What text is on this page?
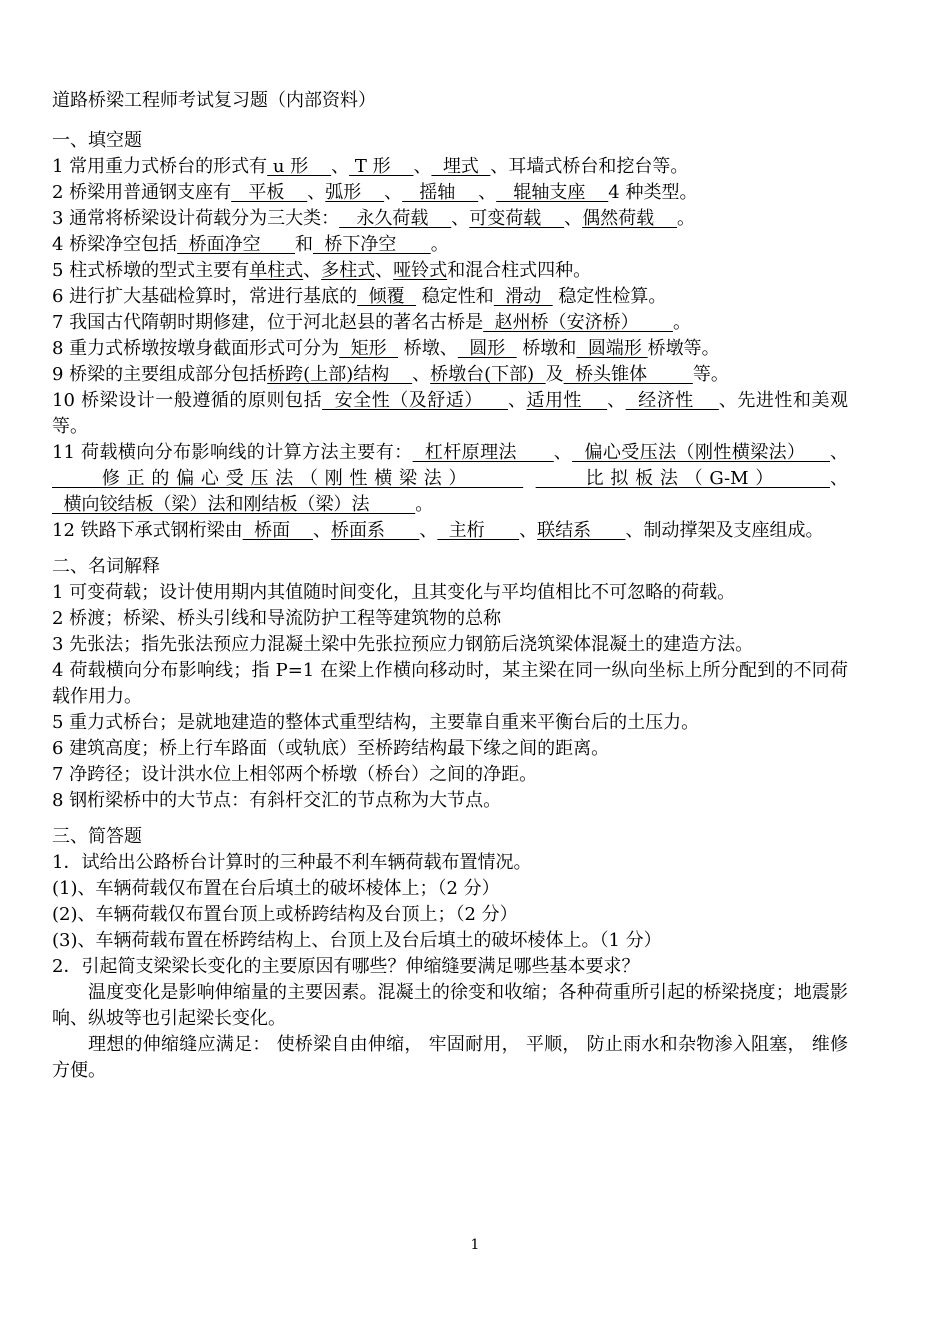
道路桥梁工程师考试复习题（内部资料）

一、填空题

1 常用重力式桥台的形式有 u 形    、 T 形    、  埋式  、耳墙式桥台和挖台等。

2 桥梁用普通钢支座有   平板    、弧形    、   摇轴    、   辊轴支座    4 种类型。

3 通常将桥梁设计荷载分为三大类：   永久荷载    、可变荷载    、偶然荷载    。

4 桥梁净空包括  桥面净空      和  桥下净空      。

5 柱式桥墩的型式主要有单柱式、多柱式、哑铃式和混合柱式四种。

6 进行扩大基础检算时，常进行基底的  倾覆   稳定性和  滑动   稳定性检算。

7 我国古代隋朝时期修建，位于河北赵县的著名古桥是  赵州桥（安济桥）      。

8 重力式桥墩按墩身截面形式可分为  矩形   桥墩、  圆形   桥墩和  圆端形 桥墩等。

9 桥梁的主要组成部分包括桥跨(上部)结构    、桥墩台(下部)  及  桥头锥体        等。

10 桥梁设计一般遵循的原则包括  安全性（及舒适）    、适用性    、  经济性    、先进性和美观等。

11 荷载横向分布影响线的计算方法主要有：  杠杆原理法      、  偏心受压法（刚性横梁法）    、    修正的偏心受压法（刚性横梁法）         比拟板法（G-M）    、  横向铰结板（梁）法和刚结板（梁）法        。

12 铁路下承式钢桁梁由  桥面    、桥面系      、  主桁      、联结系      、制动撑架及支座组成。

二、名词解释

1 可变荷载；设计使用期内其值随时间变化，且其变化与平均值相比不可忽略的荷载。

2 桥渡；桥梁、桥头引线和导流防护工程等建筑物的总称

3 先张法；指先张法预应力混凝土梁中先张拉预应力钢筋后浇筑梁体混凝土的建造方法。

4 荷载横向分布影响线；指 P=1 在梁上作横向移动时，某主梁在同一纵向坐标上所分配到的不同荷载作用力。

5 重力式桥台；是就地建造的整体式重型结构，主要靠自重来平衡台后的土压力。

6 建筑高度；桥上行车路面（或轨底）至桥跨结构最下缘之间的距离。

7 净跨径；设计洪水位上相邻两个桥墩（桥台）之间的净距。

8 钢桁梁桥中的大节点：有斜杆交汇的节点称为大节点。

三、简答题

1．试给出公路桥台计算时的三种最不利车辆荷载布置情况。

(1)、车辆荷载仅布置在台后填土的破坏棱体上；（2 分）

(2)、车辆荷载仅布置台顶上或桥跨结构及台顶上；（2 分）

(3)、车辆荷载布置在桥跨结构上、台顶上及台后填土的破坏棱体上。（1 分）

2．引起简支梁梁长变化的主要原因有哪些？伸缩缝要满足哪些基本要求？

温度变化是影响伸缩量的主要因素。混凝土的徐变和收缩；各种荷重所引起的桥梁挠度；地震影响、纵坡等也引起梁长变化。

理想的伸缩缝应满足： 使桥梁自由伸缩， 牢固耐用， 平顺， 防止雨水和杂物渗入阻塞， 维修方便。

1
